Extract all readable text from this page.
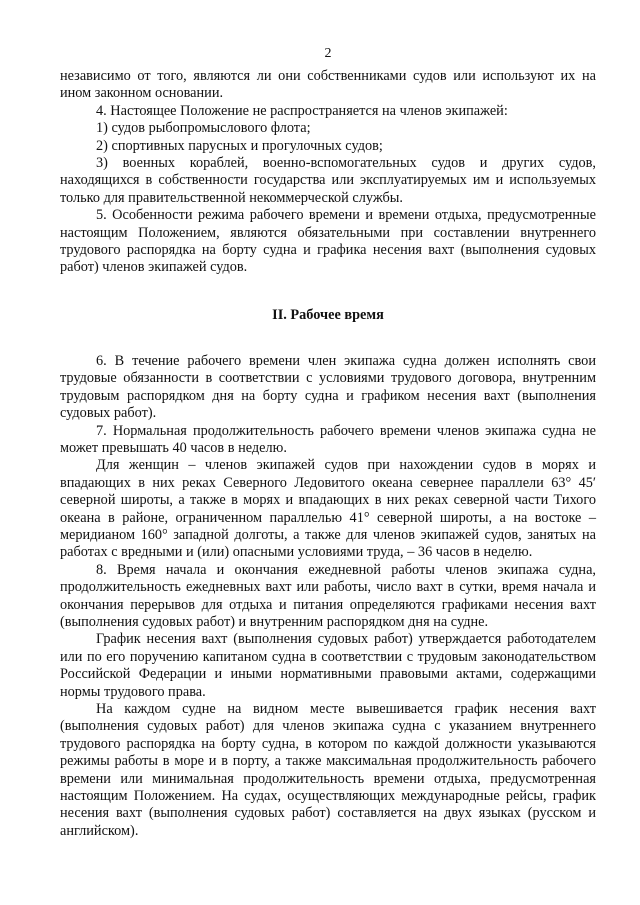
2

независимо от того, являются ли они собственниками судов или используют их на ином законном основании.

4. Настоящее Положение не распространяется на членов экипажей:

1) судов рыбопромыслового флота;

2) спортивных парусных и прогулочных судов;

3) военных кораблей, военно-вспомогательных судов и других судов, находящихся в собственности государства или эксплуатируемых им и используемых только для правительственной некоммерческой службы.

5. Особенности режима рабочего времени и времени отдыха, предусмотренные настоящим Положением, являются обязательными при составлении внутреннего трудового распорядка на борту судна и графика несения вахт (выполнения судовых работ) членов экипажей судов.

II. Рабочее время

6. В течение рабочего времени член экипажа судна должен исполнять свои трудовые обязанности в соответствии с условиями трудового договора, внутренним трудовым распорядком дня на борту судна и графиком несения вахт (выполнения судовых работ).

7. Нормальная продолжительность рабочего времени членов экипажа судна не может превышать 40 часов в неделю.

Для женщин – членов экипажей судов при нахождении судов в морях и впадающих в них реках Северного Ледовитого океана севернее параллели 63° 45′ северной широты, а также в морях и впадающих в них реках северной части Тихого океана в районе, ограниченном параллелью 41° северной широты, а на востоке – меридианом 160° западной долготы, а также для членов экипажей судов, занятых на работах с вредными и (или) опасными условиями труда, – 36 часов в неделю.

8. Время начала и окончания ежедневной работы членов экипажа судна, продолжительность ежедневных вахт или работы, число вахт в сутки, время начала и окончания перерывов для отдыха и питания определяются графиками несения вахт (выполнения судовых работ) и внутренним распорядком дня на судне.

График несения вахт (выполнения судовых работ) утверждается работодателем или по его поручению капитаном судна в соответствии с трудовым законодательством Российской Федерации и иными нормативными правовыми актами, содержащими нормы трудового права.

На каждом судне на видном месте вывешивается график несения вахт (выполнения судовых работ) для членов экипажа судна с указанием внутреннего трудового распорядка на борту судна, в котором по каждой должности указываются режимы работы в море и в порту, а также максимальная продолжительность рабочего времени или минимальная продолжительность времени отдыха, предусмотренная настоящим Положением. На судах, осуществляющих международные рейсы, график несения вахт (выполнения судовых работ) составляется на двух языках (русском и английском).
